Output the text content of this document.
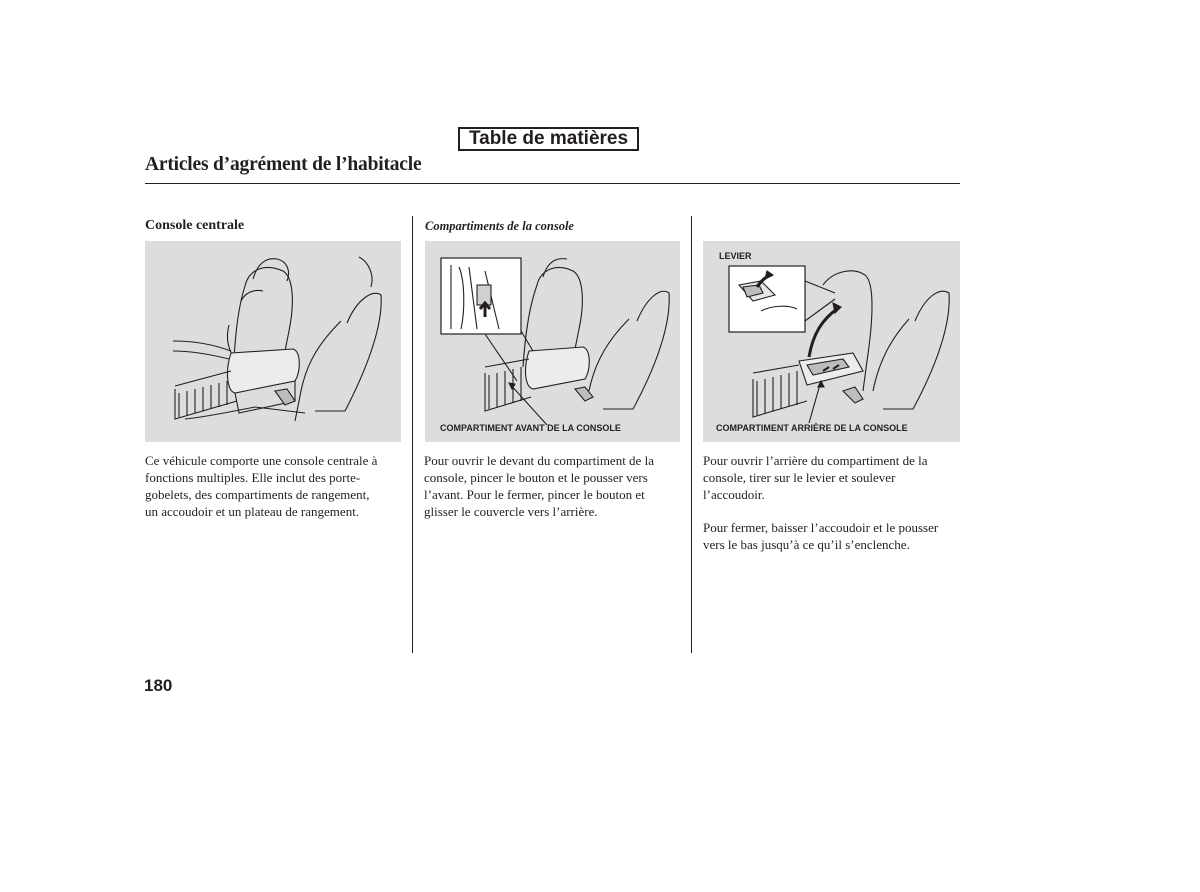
Table de matières
Articles d’agrément de l’habitacle
Console centrale	Compartiments de la console
COMPARTIMENT AVANT DE LA CONSOLE
LEVIER
COMPARTIMENT ARRIÈRE DE LA CONSOLE
Ce véhicule comporte une console centrale à
fonctions multiples. Elle inclut des porte-
gobelets, des compartiments de rangement,
un accoudoir et un plateau de rangement.
Pour ouvrir le devant du compartiment de la
console, pincer le bouton et le pousser vers
l’avant. Pour le fermer, pincer le bouton et
glisser le couvercle vers l’arrière.
Pour ouvrir l’arrière du compartiment de la
console, tirer sur le levier et soulever
l’accoudoir.
Pour fermer, baisser l’accoudoir et le pousser
vers le bas jusqu’à ce qu’il s’enclenche.
180
